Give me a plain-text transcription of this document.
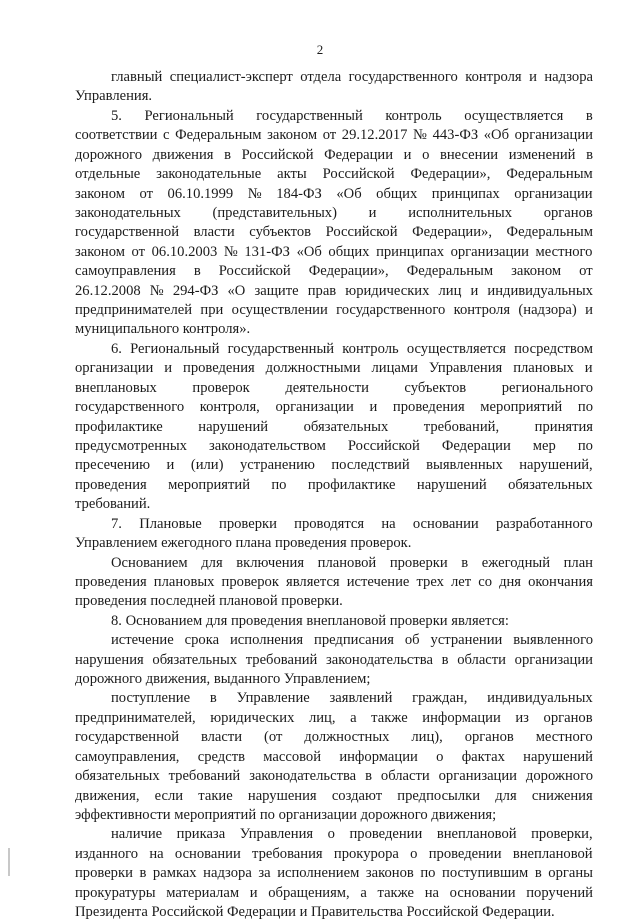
2
главный специалист-эксперт отдела государственного контроля и надзора
Управления.
5. Региональный государственный контроль осуществляется в
соответствии с Федеральным законом от 29.12.2017 № 443-ФЗ «Об организации
дорожного движения в Российской Федерации и о внесении изменений в
отдельные законодательные акты Российской Федерации», Федеральным
законом от 06.10.1999 № 184-ФЗ «Об общих принципах организации
законодательных (представительных) и исполнительных органов
государственной власти субъектов Российской Федерации», Федеральным
законом от 06.10.2003 № 131-ФЗ «Об общих принципах организации местного
самоуправления в Российской Федерации», Федеральным законом от
26.12.2008 № 294-ФЗ «О защите прав юридических лиц и индивидуальных
предпринимателей при осуществлении государственного контроля (надзора) и
муниципального контроля».
6. Региональный государственный контроль осуществляется посредством
организации и проведения должностными лицами Управления плановых и
внеплановых проверок деятельности субъектов регионального
государственного контроля, организации и проведения мероприятий по
профилактике нарушений обязательных требований, принятия
предусмотренных законодательством Российской Федерации мер по
пресечению и (или) устранению последствий выявленных нарушений,
проведения мероприятий по профилактике нарушений обязательных
требований.
7. Плановые проверки проводятся на основании разработанного
Управлением ежегодного плана проведения проверок.
Основанием для включения плановой проверки в ежегодный план
проведения плановых проверок является истечение трех лет со дня окончания
проведения последней плановой проверки.
8. Основанием для проведения внеплановой проверки является:
истечение срока исполнения предписания об устранении выявленного
нарушения обязательных требований законодательства в области организации
дорожного движения, выданного Управлением;
поступление в Управление заявлений граждан, индивидуальных
предпринимателей, юридических лиц, а также информации из органов
государственной власти (от должностных лиц), органов местного
самоуправления, средств массовой информации о фактах нарушений
обязательных требований законодательства в области организации дорожного
движения, если такие нарушения создают предпосылки для снижения
эффективности мероприятий по организации дорожного движения;
наличие приказа Управления о проведении внеплановой проверки,
изданного на основании требования прокурора о проведении внеплановой
проверки в рамках надзора за исполнением законов по поступившим в органы
прокуратуры материалам и обращениям, а также на основании поручений
Президента Российской Федерации и Правительства Российской Федерации.
